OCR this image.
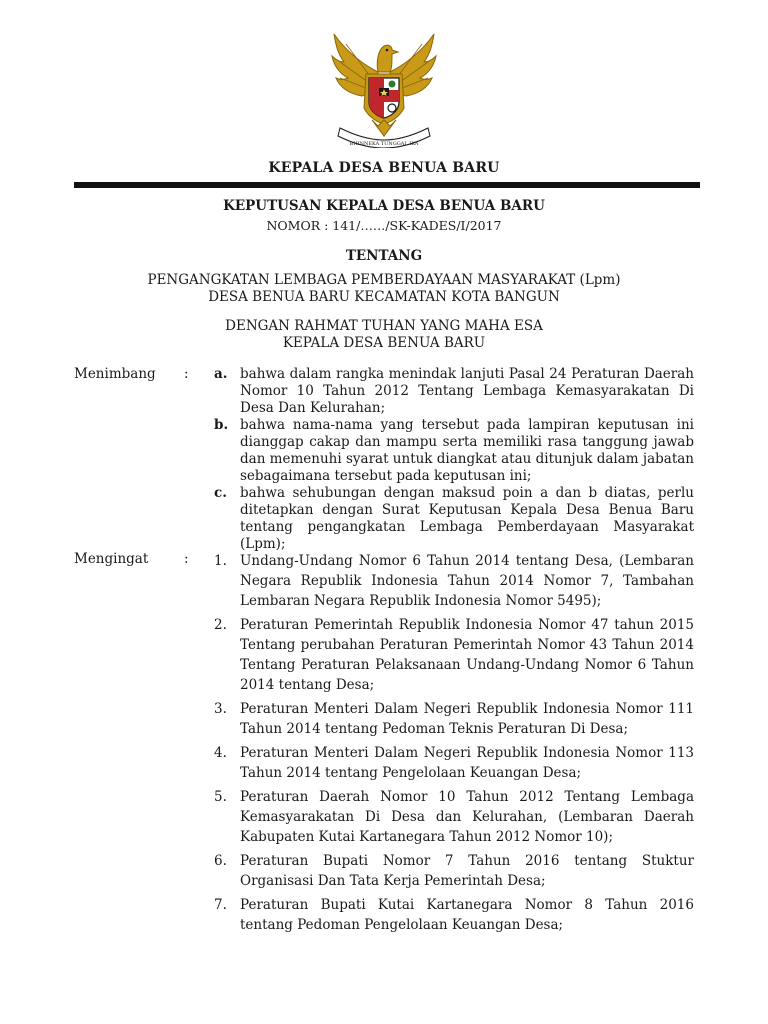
BHINNEKA TUNGGAL IKA
KEPALA DESA BENUA BARU
KEPUTUSAN KEPALA DESA BENUA BARU
NOMOR : 141/……/SK-KADES/I/2017
TENTANG
PENGANGKATAN LEMBAGA PEMBERDAYAAN MASYARAKAT (Lpm)
DESA BENUA BARU KECAMATAN KOTA BANGUN
DENGAN RAHMAT TUHAN YANG MAHA ESA
KEPALA DESA BENUA BARU
Menimbang : a. bahwa dalam rangka menindak lanjuti Pasal 24 Peraturan Daerah Nomor 10 Tahun 2012 Tentang Lembaga Kemasyarakatan Di Desa Dan Kelurahan;
b. bahwa nama-nama yang tersebut pada lampiran keputusan ini dianggap cakap dan mampu serta memiliki rasa tanggung jawab dan memenuhi syarat untuk diangkat atau ditunjuk dalam jabatan sebagaimana tersebut pada keputusan ini;
c. bahwa sehubungan dengan maksud poin a dan b diatas, perlu ditetapkan dengan Surat Keputusan Kepala Desa Benua Baru tentang pengangkatan Lembaga Pemberdayaan Masyarakat (Lpm);
Mengingat	: 1. Undang-Undang Nomor 6 Tahun 2014 tentang Desa, (Lembaran Negara Republik Indonesia Tahun 2014 Nomor 7, Tambahan Lembaran Negara Republik Indonesia Nomor 5495);
2. Peraturan Pemerintah Republik Indonesia Nomor 47 tahun 2015 Tentang perubahan Peraturan Pemerintah Nomor 43 Tahun 2014 Tentang Peraturan Pelaksanaan Undang-Undang Nomor 6 Tahun 2014 tentang Desa;
3. Peraturan Menteri Dalam Negeri Republik Indonesia Nomor 111 Tahun 2014 tentang Pedoman Teknis Peraturan Di Desa;
4. Peraturan Menteri Dalam Negeri Republik Indonesia Nomor 113 Tahun 2014 tentang Pengelolaan Keuangan Desa;
5. Peraturan Daerah Nomor 10 Tahun 2012 Tentang Lembaga Kemasyarakatan Di Desa dan Kelurahan, (Lembaran Daerah Kabupaten Kutai Kartanegara Tahun 2012 Nomor 10);
6. Peraturan Bupati Nomor 7 Tahun 2016 tentang Stuktur Organisasi Dan Tata Kerja Pemerintah Desa;
7. Peraturan Bupati Kutai Kartanegara Nomor 8 Tahun 2016 tentang Pedoman Pengelolaan Keuangan Desa;
